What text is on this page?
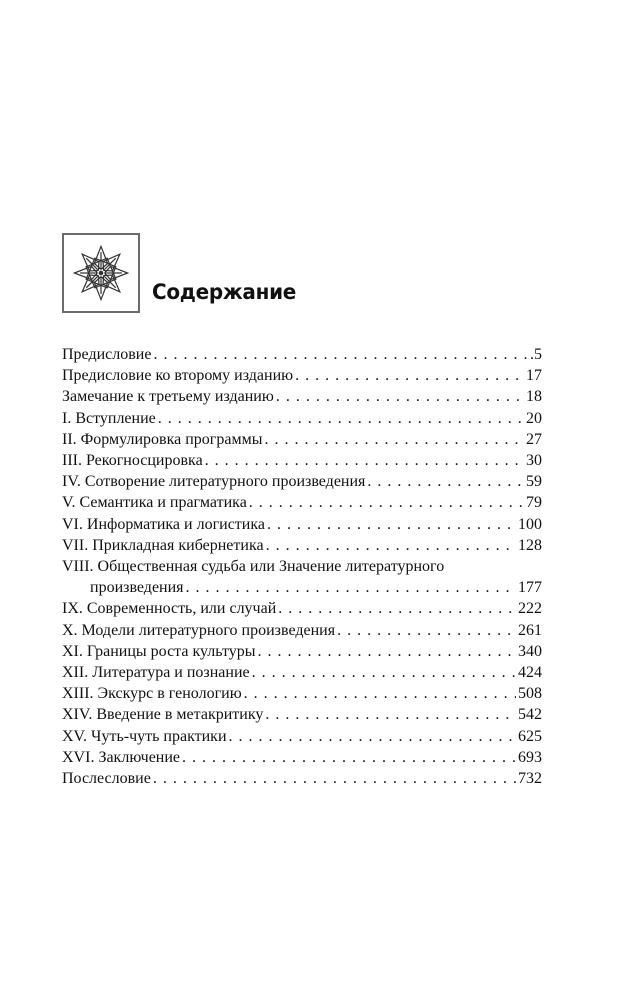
Содержание
Предисловие . . .	.5
Предисловие ко второму изданию . . .	17
Замечание к третьему изданию . . .	18
I. Вступление . . .	20
II. Формулировка программы . . .	27
III. Рекогносцировка . . .	30
IV. Сотворение литературного произведения . . .	59
V. Семантика и прагматика . . .	79
VI. Информатика и логистика . . .	100
VII. Прикладная кибернетика . . .	128
VIII. Общественная судьба или Значение литературного
произведения . . .	177
IX. Современность, или случай . . .	222
X. Модели литературного произведения . . .	261
XI. Границы роста культуры . . .	340
XII. Литература и познание . . .	424
XIII. Экскурс в генологию . . .	508
XIV. Введение в метакритику . . .	542
XV. Чуть-чуть практики . . .	625
XVI. Заключение . . .	693
Послесловие . . .	732
